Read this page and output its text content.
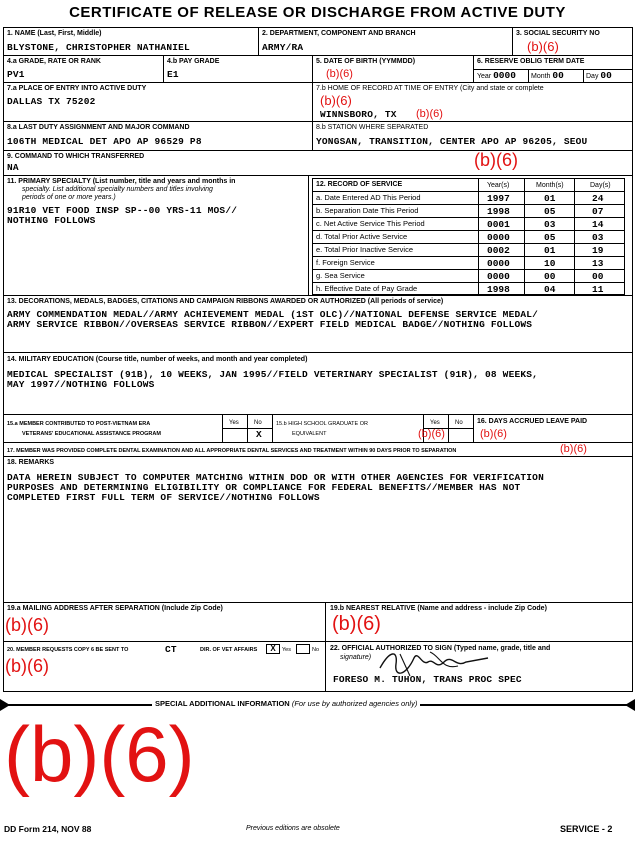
CERTIFICATE OF RELEASE OR DISCHARGE FROM ACTIVE DUTY
1. NAME (Last, First, Middle)
BLYSTONE, CHRISTOPHER NATHANIEL
2. DEPARTMENT, COMPONENT AND BRANCH
ARMY/RA
3. SOCIAL SECURITY NO
(b)(6)
4.a GRADE, RATE OR RANK
PV1
4.b PAY GRADE
E1
5. DATE OF BIRTH (YYMMDD)
(b)(6)
6. RESERVE OBLIG TERM DATE
Year 0000 Month 00	Day 00
7.a PLACE OF ENTRY INTO ACTIVE DUTY
DALLAS TX 75202
7.b HOME OF RECORD AT TIME OF ENTRY (City and state or complete
(b)(6)
WINNSBORO, TX (b)(6)
8.a LAST DUTY ASSIGNMENT AND MAJOR COMMAND
106TH MEDICAL DET APO AP 96529 P8
8.b STATION WHERE SEPARATED
YONGSAN, TRANSITION, CENTER APO AP 96205, SEOU
9. COMMAND TO WHICH TRANSFERRED
NA	(b)(6)
11. PRIMARY SPECIALTY (List number, title and years and months in
specialty. List additional specialty numbers and titles involving
periods of one or more years.)
91R10 VET FOOD INSP SP--00 YRS-11 MOS//
NOTHING FOLLOWS
12. RECORD OF SERVICE	Year(s)	Month(s)	Day(s)
a. Date Entered AD This Period	1997	01	24
b. Separation Date This Period	1998	05	07
c. Net Active Service This Period	0001	03	14
d. Total Prior Active Service	0000	05	03
e. Total Prior Inactive Service	0002	01	19
f. Foreign Service	0000	10	13
g. Sea Service	0000	00	00
h. Effective Date of Pay Grade	1998	04	11
13. DECORATIONS, MEDALS, BADGES, CITATIONS AND CAMPAIGN RIBBONS AWARDED OR AUTHORIZED (All periods of service)
ARMY COMMENDATION MEDAL//ARMY ACHIEVEMENT MEDAL (1ST OLC)//NATIONAL DEFENSE SERVICE MEDAL/
ARMY SERVICE RIBBON//OVERSEAS SERVICE RIBBON//EXPERT FIELD MEDICAL BADGE//NOTHING FOLLOWS
14. MILITARY EDUCATION (Course title, number of weeks, and month and year completed)
MEDICAL SPECIALIST (91B), 10 WEEKS, JAN 1995//FIELD VETERINARY SPECIALIST (91R), 08 WEEKS,
MAY 1997//NOTHING FOLLOWS
15.a MEMBER CONTRIBUTED TO POST-VIETNAM ERA
VETERANS' EDUCATIONAL ASSISTANCE PROGRAM
Yes	No
X
15.b HIGH SCHOOL GRADUATE OR
EQUIVALENT
Yes	No
(b)(6)
16. DAYS ACCRUED LEAVE PAID
(b)(6)
17. MEMBER WAS PROVIDED COMPLETE DENTAL EXAMINATION AND ALL APPROPRIATE DENTAL SERVICES AND TREATMENT WITHIN 90 DAYS PRIOR TO SEPARATION	(b)(6)
18. REMARKS
DATA HEREIN SUBJECT TO COMPUTER MATCHING WITHIN DOD OR WITH OTHER AGENCIES FOR VERIFICATION
PURPOSES AND DETERMINING ELIGIBILITY OR COMPLIANCE FOR FEDERAL BENEFITS//MEMBER HAS NOT
COMPLETED FIRST FULL TERM OF SERVICE//NOTHING FOLLOWS
19.a MAILING ADDRESS AFTER SEPARATION (Include Zip Code)
(b)(6)
19.b NEAREST RELATIVE (Name and address - include Zip Code)
(b)(6)
20. MEMBER REQUESTS COPY 6 BE SENT TO	CT	DIR. OF VET AFFAIRS	X	Yes	No
(b)(6)
22. OFFICIAL AUTHORIZED TO SIGN (Typed name, grade, title and
signature)
FORESO M. TUHON, TRANS PROC SPEC
SPECIAL ADDITIONAL INFORMATION (For use by authorized agencies only)
(b)(6)
DD Form 214, NOV 88	Previous editions are obsolete	SERVICE - 2
